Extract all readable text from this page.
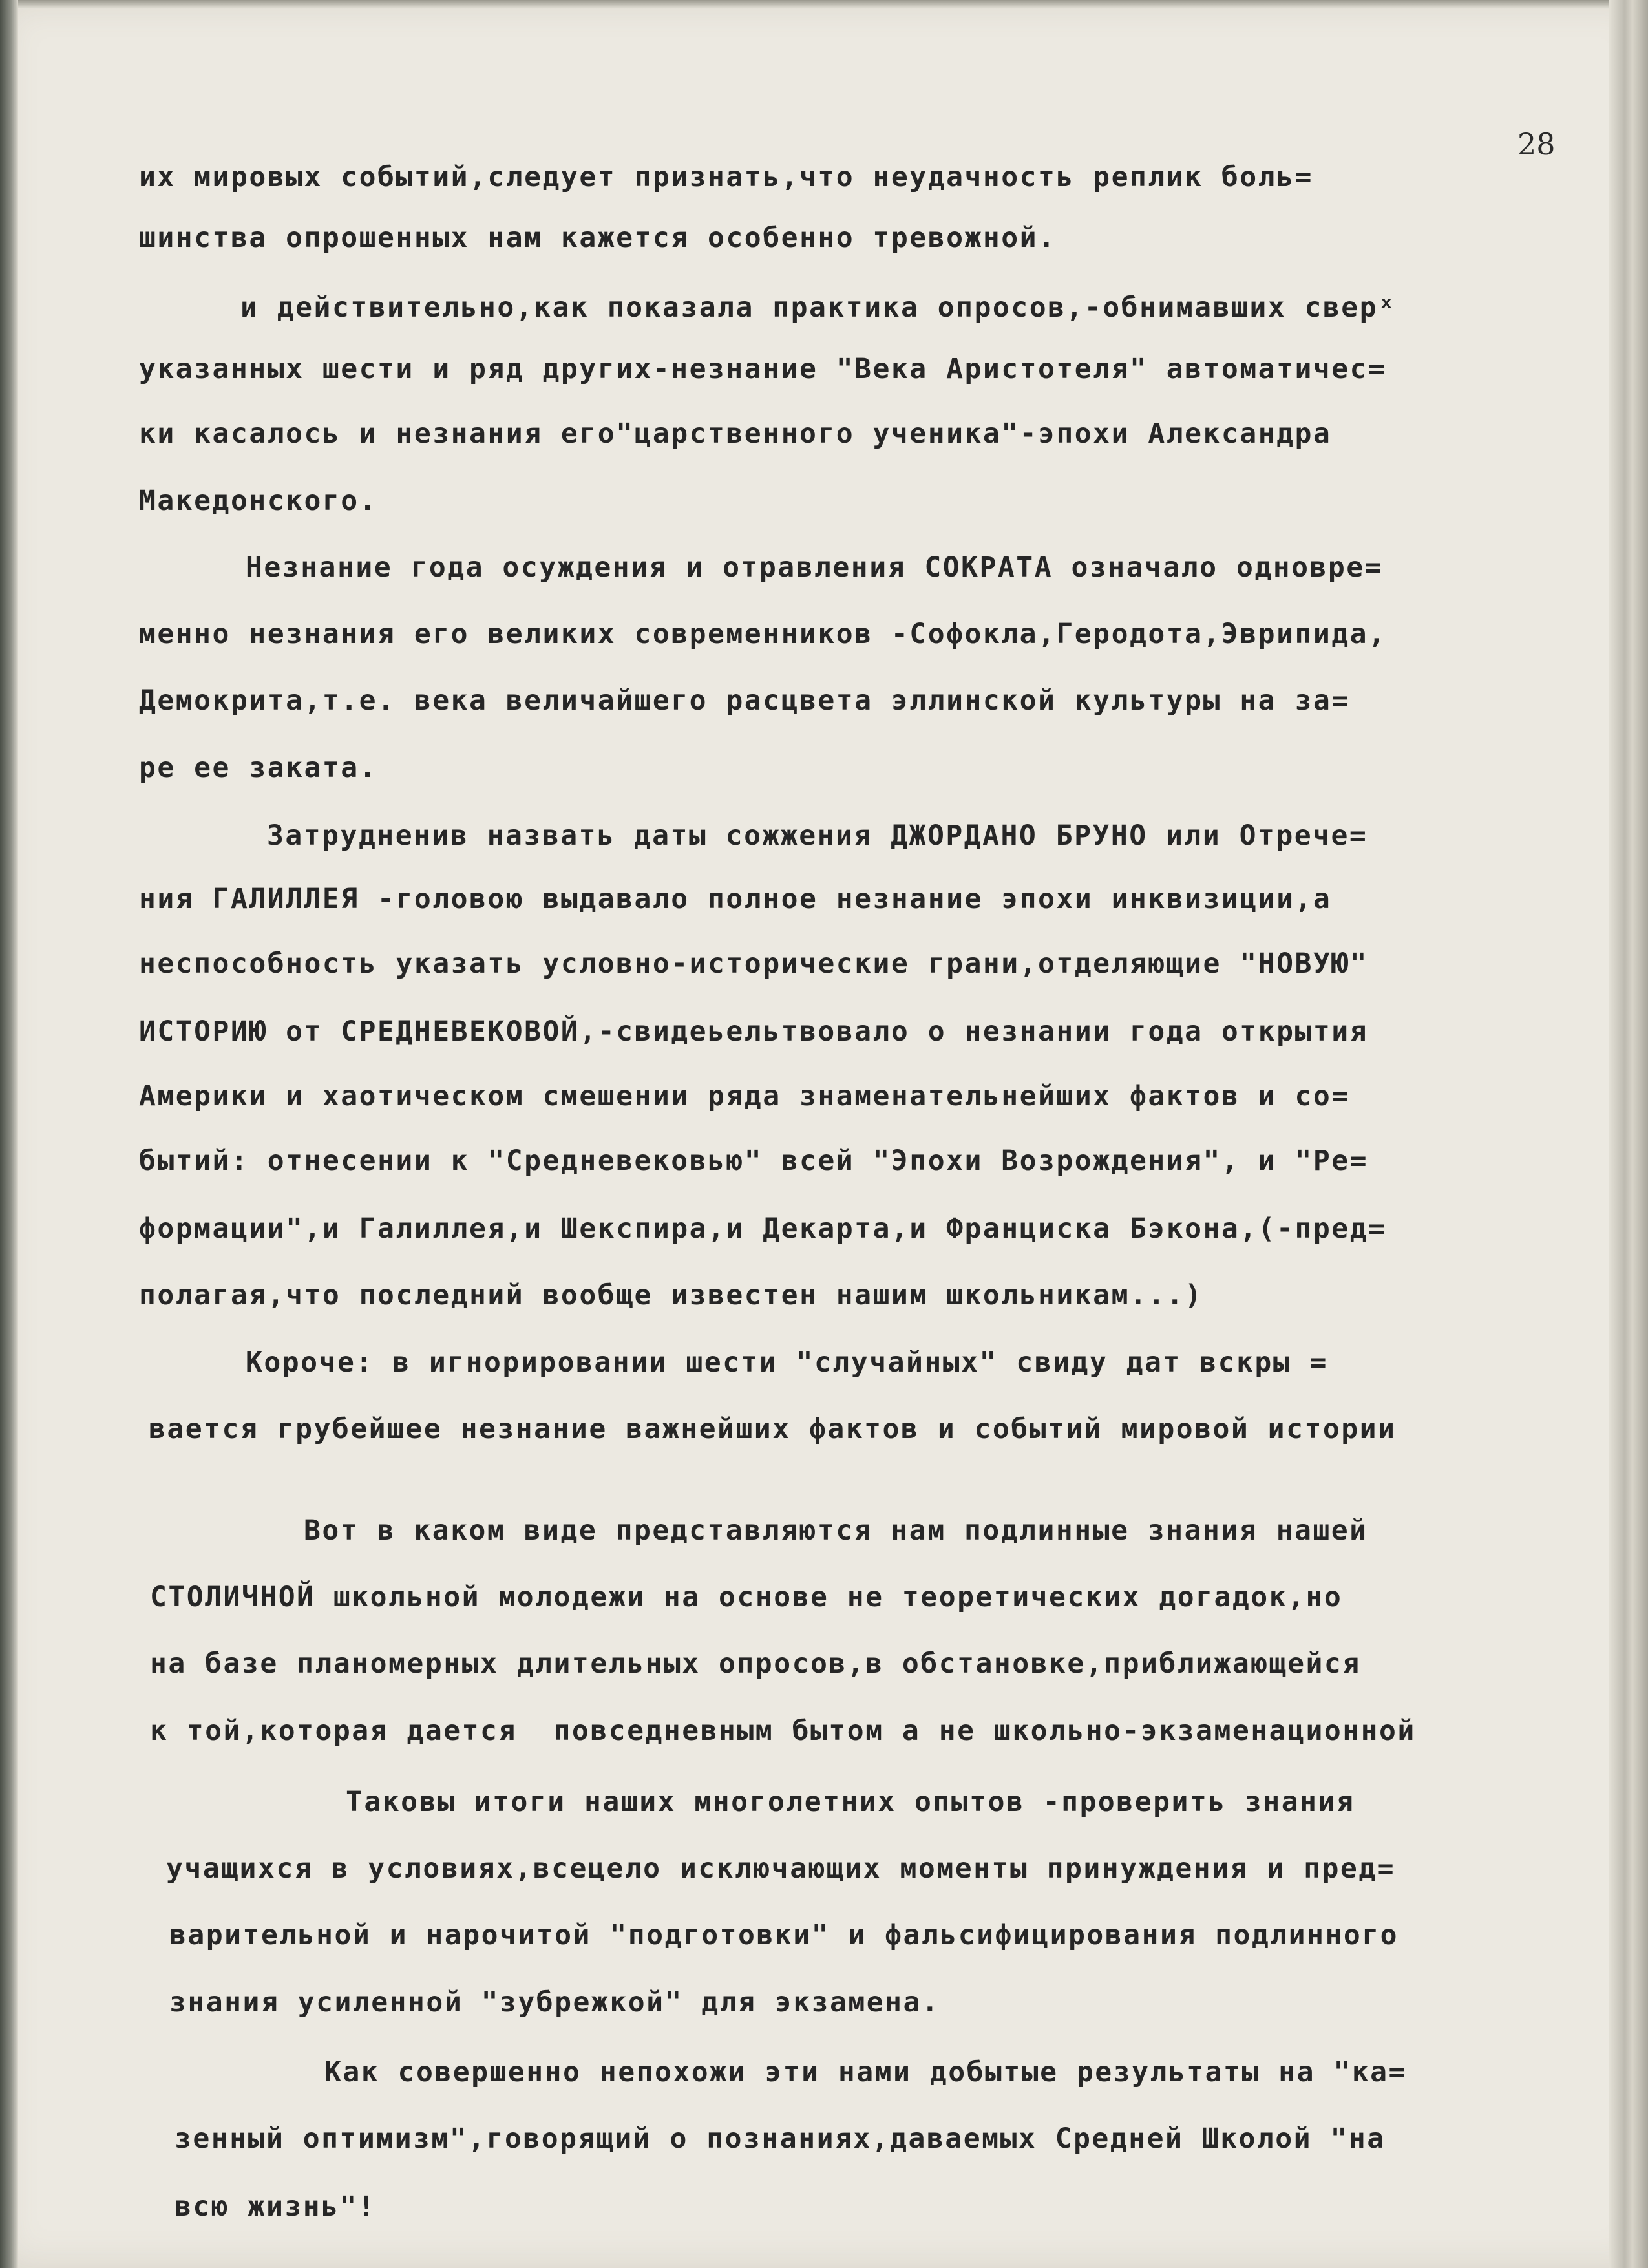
28
их мировых событий,следует признать,что неудачность реплик боль=
шинства опрошенных нам кажется особенно тревожной.
и действительно,как показала практика опросов,-обнимавших сверˣ
указанных шести и ряд других-незнание "Века Аристотеля" автоматичес=
ки касалось и незнания его"царственного ученика"-эпохи Александра
Македонского.
Незнание года осуждения и отравления СОКРАТА означало одновре=
менно незнания его великих современников -Софокла,Геродота,Эврипида,
Демокрита,т.е. века величайшего расцвета эллинской культуры на за=
ре ее заката.
Затрудненив назвать даты сожжения ДЖОРДАНО БРУНО или Отрече=
ния ГАЛИЛЛЕЯ -головою выдавало полное незнание эпохи инквизиции,а
неспособность указать условно-исторические грани,отделяющие "НОВУЮ"
ИСТОРИЮ от СРЕДНЕВЕКОВОЙ,-свидеьельтвовало о незнании года открытия
Америки и хаотическом смешении ряда знаменательнейших фактов и со=
бытий: отнесении к "Средневековью" всей "Эпохи Возрождения", и "Ре=
формации",и Галиллея,и Шекспира,и Декарта,и Франциска Бэкона,(-пред=
полагая,что последний вообще известен нашим школьникам...)
Короче: в игнорировании шести "случайных" свиду дат вскры =
вается грубейшее незнание важнейших фактов и событий мировой истории
Вот в каком виде представляются нам подлинные знания нашей
СТОЛИЧНОЙ школьной молодежи на основе не теоретических догадок,но
на базе планомерных длительных опросов,в обстановке,приближающейся
к той,которая дается  повседневным бытом а не школьно-экзаменационной
Таковы итоги наших многолетних опытов -проверить знания
учащихся в условиях,всецело исключающих моменты принуждения и пред=
варительной и нарочитой "подготовки" и фальсифицирования подлинного
знания усиленной "зубрежкой" для экзамена.
Как совершенно непохожи эти нами добытые результаты на "ка=
зенный оптимизм",говорящий о познаниях,даваемых Средней Школой "на
всю жизнь"!
